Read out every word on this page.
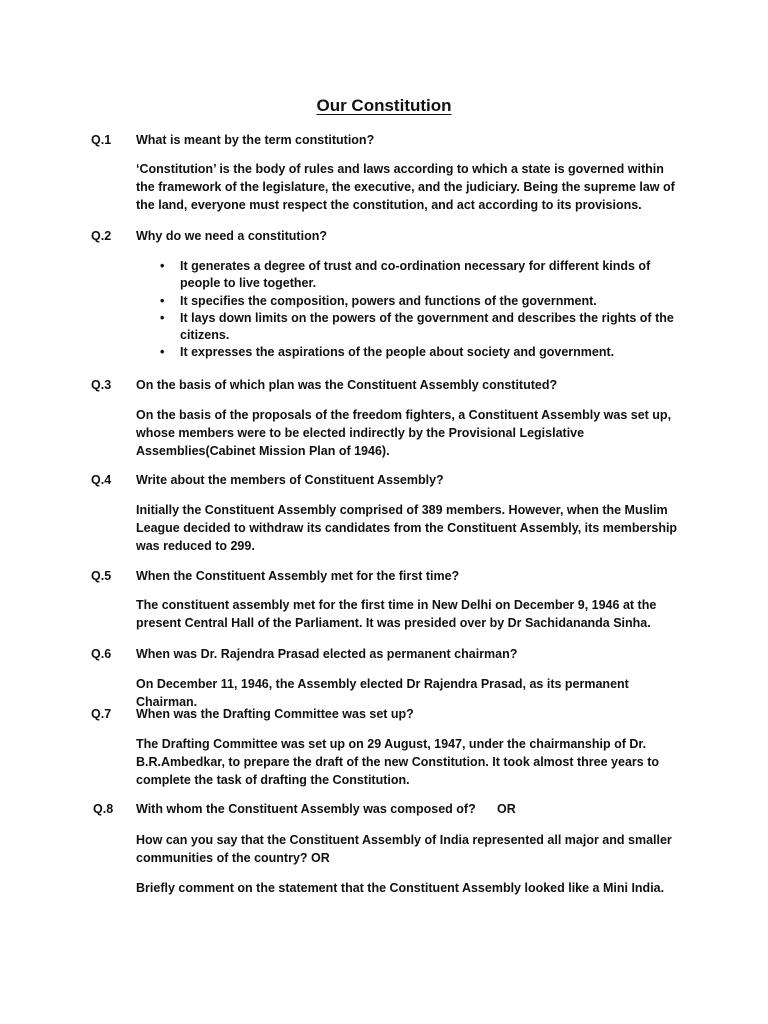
Our Constitution
Q.1 What is meant by the term constitution?
‘Constitution’ is the body of rules and laws according to which a state is governed within the framework of the legislature, the executive, and the judiciary. Being the supreme law of the land, everyone must respect the constitution, and act according to its provisions.
Q.2 Why do we need a constitution?
• It generates a degree of trust and co-ordination necessary for different kinds of people to live together.
• It specifies the composition, powers and functions of the government.
• It lays down limits on the powers of the government and describes the rights of the citizens.
• It expresses the aspirations of the people about society and government.
Q.3 On the basis of which plan was the Constituent Assembly constituted?
On the basis of the proposals of the freedom fighters, a Constituent Assembly was set up, whose members were to be elected indirectly by the Provisional Legislative Assemblies(Cabinet Mission Plan of 1946).
Q.4 Write about the members of Constituent Assembly?
Initially the Constituent Assembly comprised of 389 members. However, when the Muslim League decided to withdraw its candidates from the Constituent Assembly, its membership was reduced to 299.
Q.5 When the Constituent Assembly met for the first time?
The constituent assembly met for the first time in New Delhi on December 9, 1946 at the present Central Hall of the Parliament. It was presided over by Dr Sachidananda Sinha.
Q.6 When was Dr. Rajendra Prasad elected as permanent chairman?
On December 11, 1946, the Assembly elected Dr Rajendra Prasad, as its permanent Chairman.
Q.7 When was the Drafting Committee was set up?
The Drafting Committee was set up on 29 August, 1947, under the chairmanship of Dr. B.R.Ambedkar, to prepare the draft of the new Constitution. It took almost three years to complete the task of drafting the Constitution.
Q.8 With whom the Constituent Assembly was composed of? OR
How can you say that the Constituent Assembly of India represented all major and smaller communities of the country? OR
Briefly comment on the statement that the Constituent Assembly looked like a Mini India.
